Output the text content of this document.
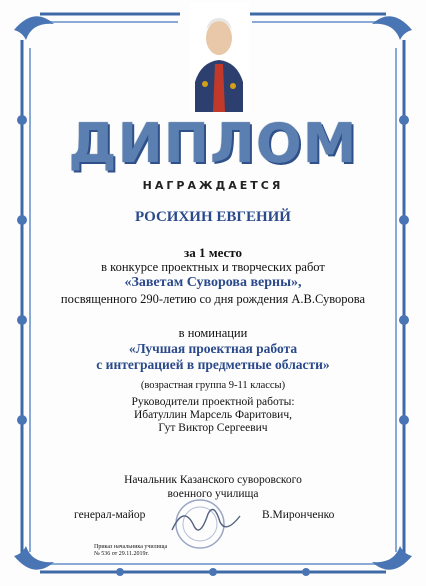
ДИПЛОМ
НАГРАЖДАЕТСЯ
РОСИХИН ЕВГЕНИЙ
за 1 место
в конкурсе проектных и творческих работ
«Заветам Суворова верны»,
посвященного 290-летию со дня рождения А.В.Суворова
в номинации
«Лучшая проектная работа
с интеграцией в предметные области»
(возрастная группа 9-11 классы)
Руководители проектной работы:
Ибатуллин Марсель Фаритович,
Гут Виктор Сергеевич
Начальник Казанского суворовского
военного училища
генерал-майор	В.Миронченко
Приказ начальника училища
№ 536 от 29.11.2019г.
